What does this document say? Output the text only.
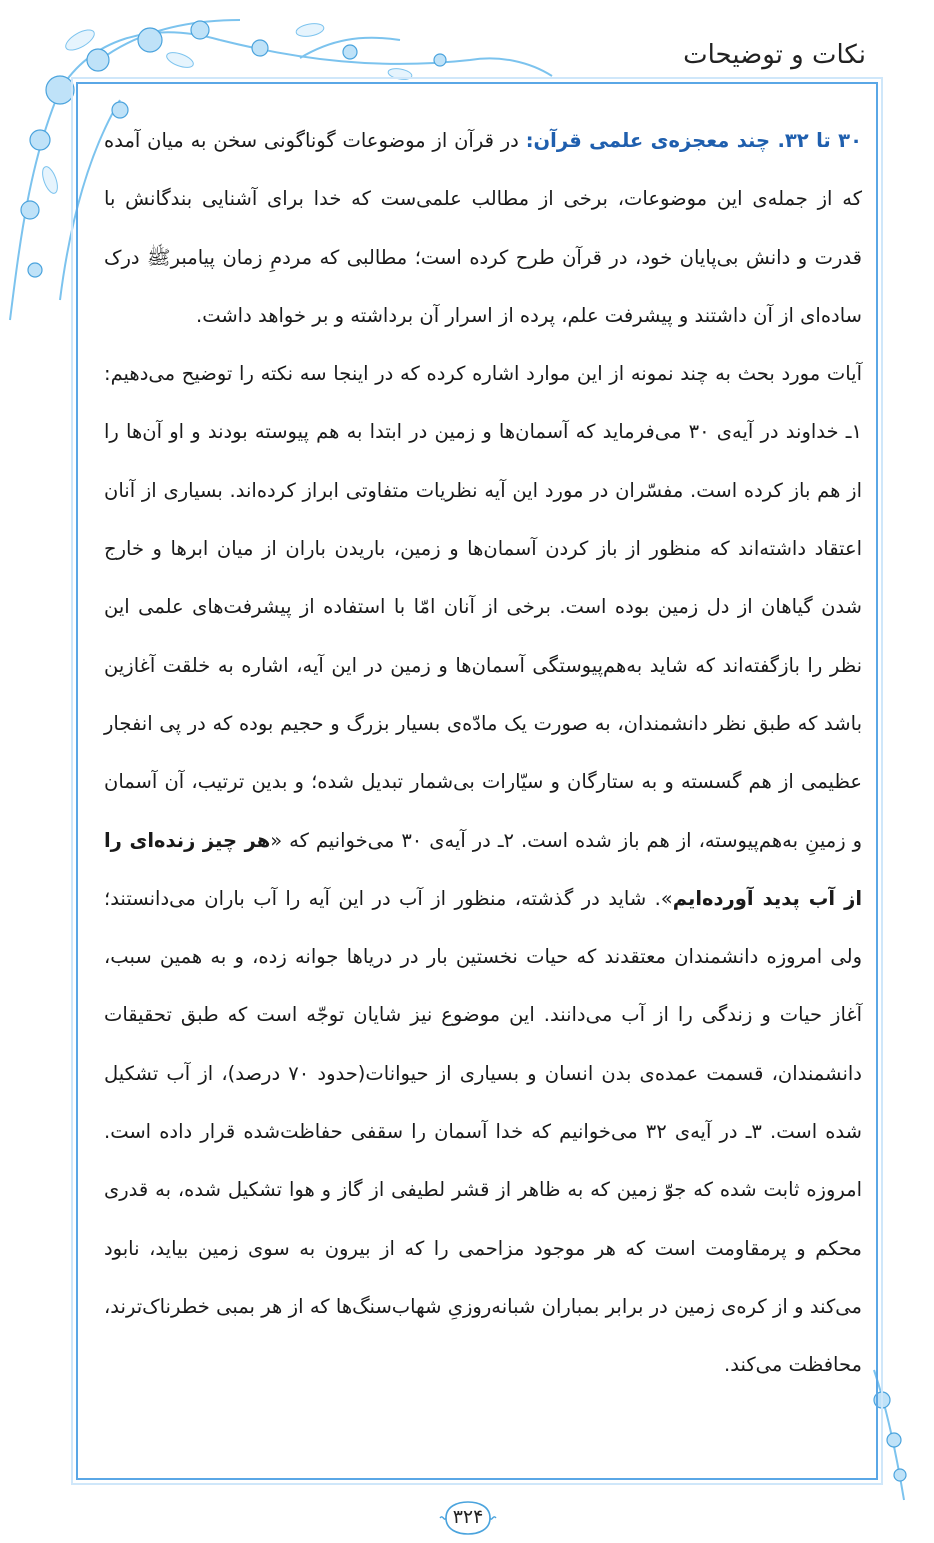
نکات و توضیحات

۳۰ تا ۳۲. چند معجزه‌ی علمی قرآن: در قرآن از موضوعات گوناگونی سخن به میان آمده که از جمله‌ی این موضوعات، برخی از مطالب علمی‌ست که خدا برای آشنایی بندگانش با قدرت و دانش بی‌پایان خود، در قرآن طرح کرده است؛ مطالبی که مردمِ زمان پیامبرﷺ درک ساده‌ای از آن داشتند و پیشرفت علم، پرده از اسرار آن برداشته و بر خواهد داشت.

آیات مورد بحث به چند نمونه از این موارد اشاره کرده که در اینجا سه نکته را توضیح می‌دهیم: ۱ـ خداوند در آیه‌ی ۳۰ می‌فرماید که آسمان‌ها و زمین در ابتدا به هم پیوسته بودند و او آن‌ها را از هم باز کرده است. مفسّران در مورد این آیه نظریات متفاوتی ابراز کرده‌اند. بسیاری از آنان اعتقاد داشته‌اند که منظور از باز کردن آسمان‌ها و زمین، باریدن باران از میان ابرها و خارج شدن گیاهان از دل زمین بوده است. برخی از آنان امّا با استفاده از پیشرفت‌های علمی این نظر را بازگفته‌اند که شاید به‌هم‌پیوستگی آسمان‌ها و زمین در این آیه، اشاره به خلقت آغازین باشد که طبق نظر دانشمندان، به صورت یک مادّه‌ی بسیار بزرگ و حجیم بوده که در پی انفجار عظیمی از هم گسسته و به ستارگان و سیّارات بی‌شمار تبدیل شده؛ و بدین ترتیب، آن آسمان و زمینِ به‌هم‌پیوسته، از هم باز شده است. ۲ـ در آیه‌ی ۳۰ می‌خوانیم که «هر چیز زنده‌ای را از آب پدید آورده‌ایم». شاید در گذشته، منظور از آب در این آیه را آب باران می‌دانستند؛ ولی امروزه دانشمندان معتقدند که حیات نخستین بار در دریاها جوانه زده، و به همین سبب، آغاز حیات و زندگی را از آب می‌دانند. این موضوع نیز شایان توجّه است که طبق تحقیقات دانشمندان، قسمت عمده‌ی بدن انسان و بسیاری از حیوانات(حدود ۷۰ درصد)، از آب تشکیل شده است. ۳ـ در آیه‌ی ۳۲ می‌خوانیم که خدا آسمان را سقفی حفاظت‌شده قرار داده است. امروزه ثابت شده که جوّ زمین که به ظاهر از قشر لطیفی از گاز و هوا تشکیل شده، به قدری محکم و پرمقاومت است که هر موجود مزاحمی را که از بیرون به سوی زمین بیاید، نابود می‌کند و از کره‌ی زمین در برابر بمباران شبانه‌روزیِ شهاب‌سنگ‌ها که از هر بمبی خطرناک‌ترند، محافظت می‌کند.

۳۲۴
